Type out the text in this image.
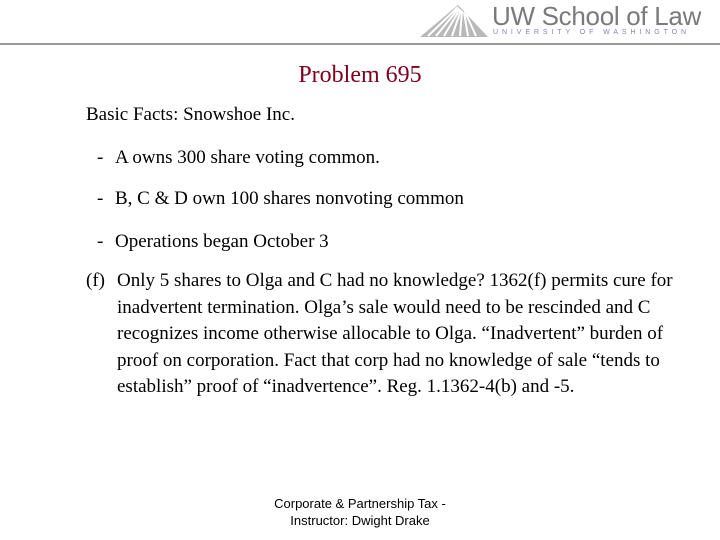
UW School of Law
UNIVERSITY OF WASHINGTON
Problem 695
Basic Facts: Snowshoe Inc.
- A owns 300 share voting common.
- B, C & D own 100 shares nonvoting common
- Operations began October 3
(f) Only 5 shares to Olga and C had no knowledge? 1362(f) permits cure for inadvertent termination. Olga’s sale would need to be rescinded and C recognizes income otherwise allocable to Olga. “Inadvertent” burden of proof on corporation. Fact that corp had no knowledge of sale “tends to establish” proof of “inadvertence”. Reg. 1.1362-4(b) and -5.
Corporate & Partnership Tax -
Instructor: Dwight Drake
